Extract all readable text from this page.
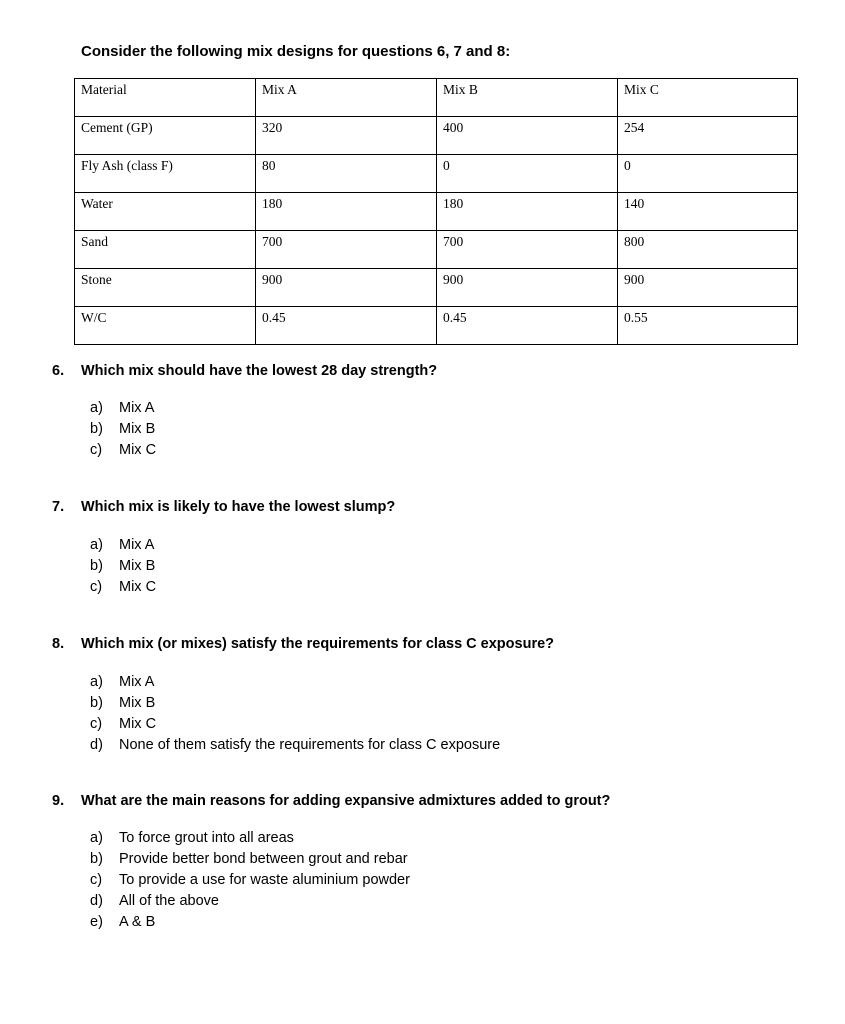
Consider the following mix designs for questions 6, 7 and 8:
Material	Mix A	Mix B	Mix C
Cement (GP)	320	400	254
Fly Ash (class F)	80	0	0
Water	180	180	140
Sand	700	700	800
Stone	900	900	900
W/C	0.45	0.45	0.55
6. Which mix should have the lowest 28 day strength?
a) Mix A
b) Mix B
c) Mix C
7. Which mix is likely to have the lowest slump?
a) Mix A
b) Mix B
c) Mix C
8. Which mix (or mixes) satisfy the requirements for class C exposure?
a) Mix A
b) Mix B
c) Mix C
d) None of them satisfy the requirements for class C exposure
9. What are the main reasons for adding expansive admixtures added to grout?
a) To force grout into all areas
b) Provide better bond between grout and rebar
c) To provide a use for waste aluminium powder
d) All of the above
e) A & B
